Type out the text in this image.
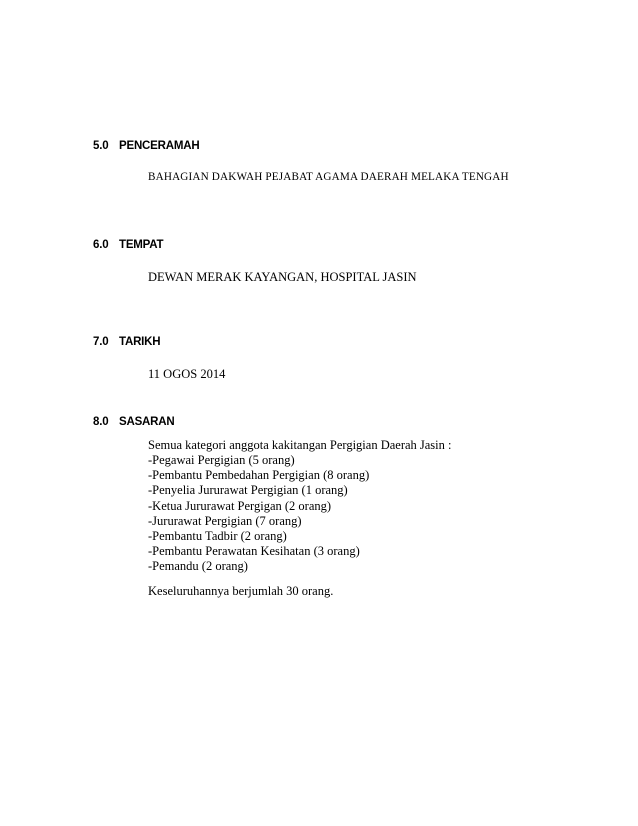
5.0 PENCERAMAH
BAHAGIAN DAKWAH PEJABAT AGAMA DAERAH MELAKA TENGAH
6.0 TEMPAT
DEWAN MERAK KAYANGAN, HOSPITAL JASIN
7.0 TARIKH
11 OGOS 2014
8.0 SASARAN
Semua kategori anggota kakitangan Pergigian Daerah Jasin :
-Pegawai Pergigian (5 orang)
-Pembantu Pembedahan Pergigian (8 orang)
-Penyelia Jururawat Pergigian (1 orang)
-Ketua Jururawat Pergigan (2 orang)
-Jururawat Pergigian (7 orang)
-Pembantu Tadbir (2 orang)
-Pembantu Perawatan Kesihatan (3 orang)
-Pemandu (2 orang)
Keseluruhannya berjumlah 30 orang.
